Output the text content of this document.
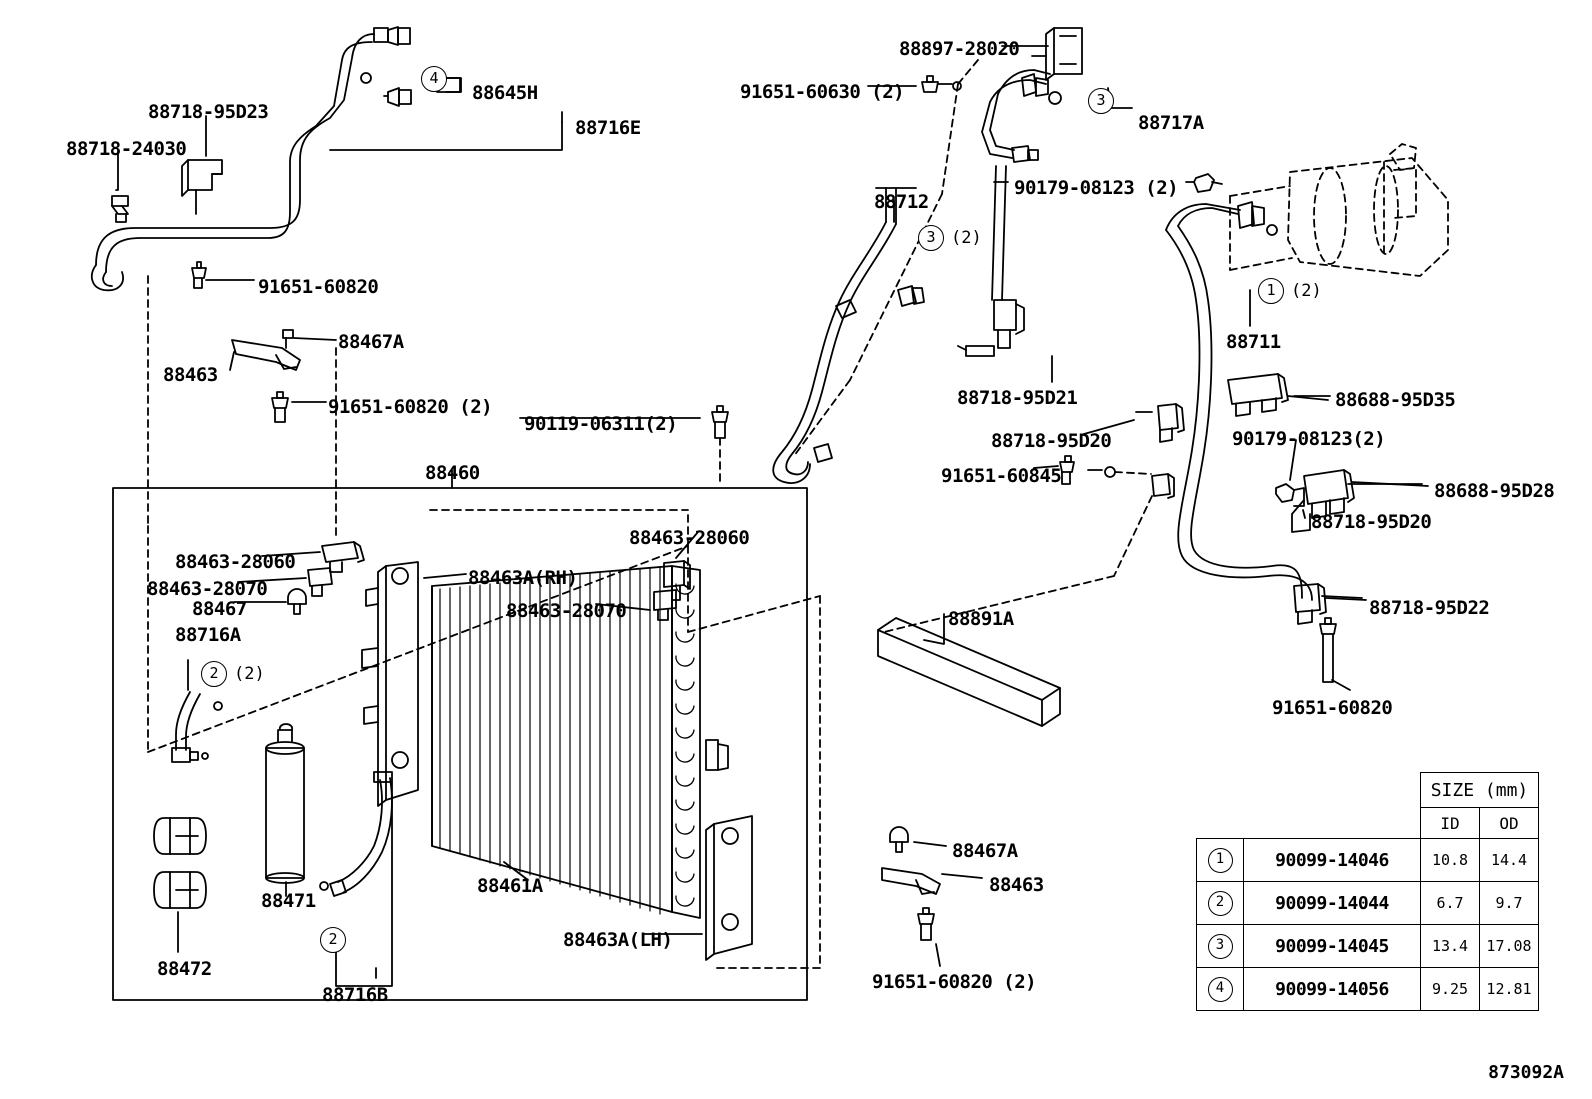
88718-95D23
88718-24030
88645H
88716E
91651-60820
88467A
88463
91651-60820 (2)
90119-06311(2)
88460
88463-28060
88463-28070
88467
88716A
88463-28060
88463A(RH)
88463-28070	88891A
88461A
88471
88472
88716B
88463A(LH)
88467A
88463
91651-60820 (2)
88897-28020
91651-60630 (2)
88717A
90179-08123 (2)
88712
88711
88718-95D21	88688-95D35
88718-95D20	90179-08123(2)
91651-60845
88688-95D28
88718-95D20
88718-95D22
91651-60820
4
3
3 (2)
1 (2)
2 (2)
2
		SIZE (mm)	
		ID	OD
1	90099-14046	10.8	14.4
2	90099-14044	6.7	9.7
3	90099-14045	13.4	17.08
4	90099-14056	9.25	12.81
873092A
